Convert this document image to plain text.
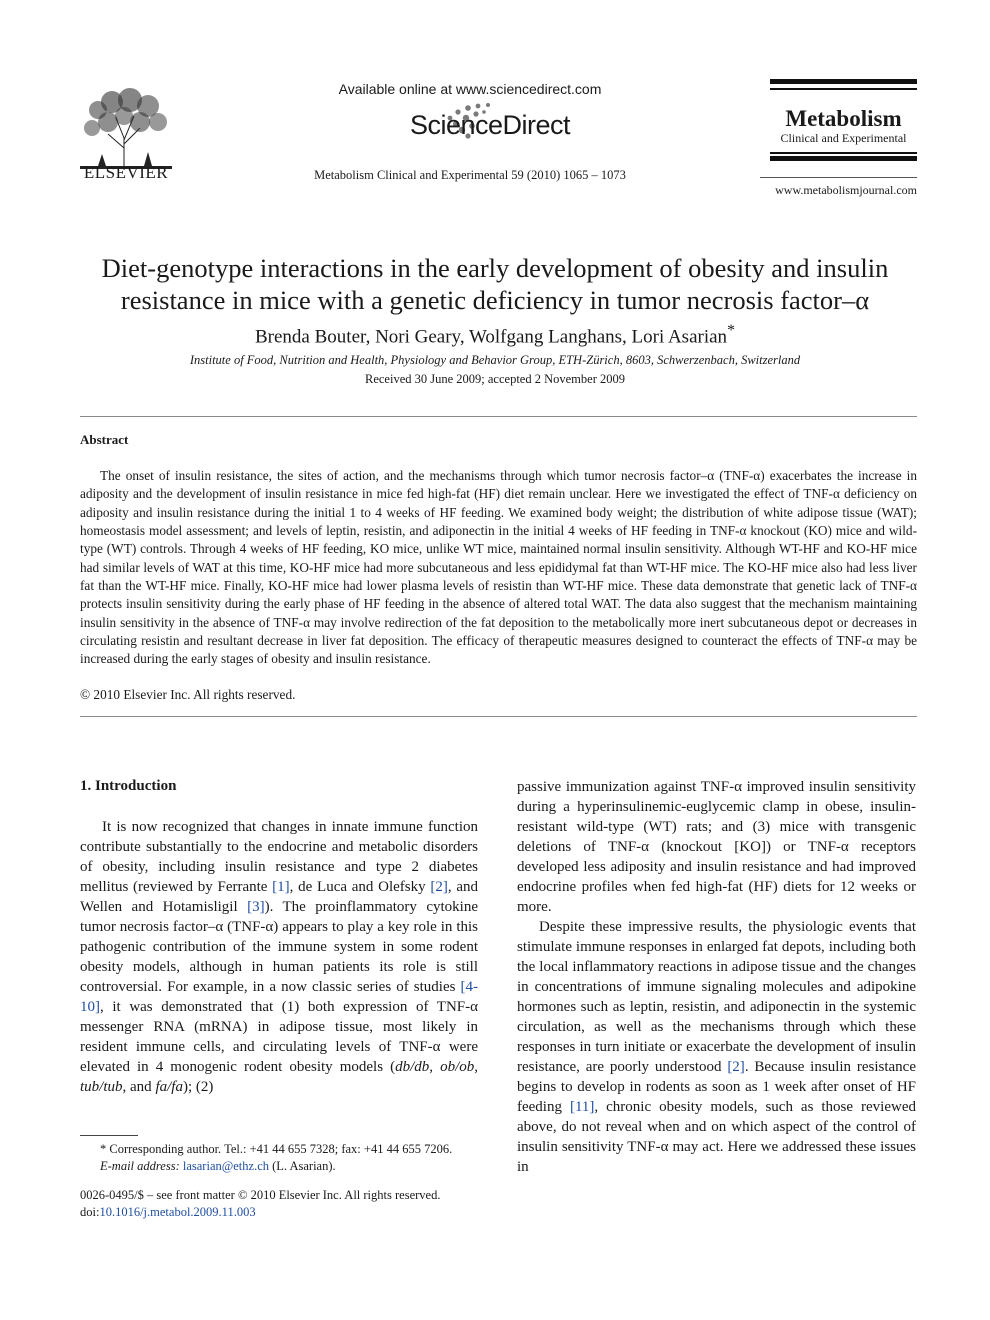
ELSEVIER
Available online at www.sciencedirect.com
ScienceDirect
Metabolism Clinical and Experimental 59 (2010) 1065 – 1073
Metabolism
Clinical and Experimental
www.metabolismjournal.com
Diet-genotype interactions in the early development of obesity and insulin resistance in mice with a genetic deficiency in tumor necrosis factor–α
Brenda Bouter, Nori Geary, Wolfgang Langhans, Lori Asarian*
Institute of Food, Nutrition and Health, Physiology and Behavior Group, ETH-Zürich, 8603, Schwerzenbach, Switzerland
Received 30 June 2009; accepted 2 November 2009
Abstract
The onset of insulin resistance, the sites of action, and the mechanisms through which tumor necrosis factor–α (TNF-α) exacerbates the increase in adiposity and the development of insulin resistance in mice fed high-fat (HF) diet remain unclear. Here we investigated the effect of TNF-α deficiency on adiposity and insulin resistance during the initial 1 to 4 weeks of HF feeding. We examined body weight; the distribution of white adipose tissue (WAT); homeostasis model assessment; and levels of leptin, resistin, and adiponectin in the initial 4 weeks of HF feeding in TNF-α knockout (KO) mice and wild-type (WT) controls. Through 4 weeks of HF feeding, KO mice, unlike WT mice, maintained normal insulin sensitivity. Although WT-HF and KO-HF mice had similar levels of WAT at this time, KO-HF mice had more subcutaneous and less epididymal fat than WT-HF mice. The KO-HF mice also had less liver fat than the WT-HF mice. Finally, KO-HF mice had lower plasma levels of resistin than WT-HF mice. These data demonstrate that genetic lack of TNF-α protects insulin sensitivity during the early phase of HF feeding in the absence of altered total WAT. The data also suggest that the mechanism maintaining insulin sensitivity in the absence of TNF-α may involve redirection of the fat deposition to the metabolically more inert subcutaneous depot or decreases in circulating resistin and resultant decrease in liver fat deposition. The efficacy of therapeutic measures designed to counteract the effects of TNF-α may be increased during the early stages of obesity and insulin resistance.
© 2010 Elsevier Inc. All rights reserved.
1. Introduction

It is now recognized that changes in innate immune function contribute substantially to the endocrine and metabolic disorders of obesity, including insulin resistance and type 2 diabetes mellitus (reviewed by Ferrante [1], de Luca and Olefsky [2], and Wellen and Hotamisligil [3]). The proinflammatory cytokine tumor necrosis factor–α (TNF-α) appears to play a key role in this pathogenic contribution of the immune system in some rodent obesity models, although in human patients its role is still controversial. For example, in a now classic series of studies [4-10], it was demonstrated that (1) both expression of TNF-α messenger RNA (mRNA) in adipose tissue, most likely in resident immune cells, and circulating levels of TNF-α were elevated in 4 monogenic rodent obesity models (db/db, ob/ob, tub/tub, and fa/fa); (2)

passive immunization against TNF-α improved insulin sensitivity during a hyperinsulinemic-euglycemic clamp in obese, insulin-resistant wild-type (WT) rats; and (3) mice with transgenic deletions of TNF-α (knockout [KO]) or TNF-α receptors developed less adiposity and insulin resistance and had improved endocrine profiles when fed high-fat (HF) diets for 12 weeks or more.

Despite these impressive results, the physiologic events that stimulate immune responses in enlarged fat depots, including both the local inflammatory reactions in adipose tissue and the changes in concentrations of immune signaling molecules and adipokine hormones such as leptin, resistin, and adiponectin in the systemic circulation, as well as the mechanisms through which these responses in turn initiate or exacerbate the development of insulin resistance, are poorly understood [2]. Because insulin resistance begins to develop in rodents as soon as 1 week after onset of HF feeding [11], chronic obesity models, such as those reviewed above, do not reveal when and on which aspect of the control of insulin sensitivity TNF-α may act. Here we addressed these issues in

* Corresponding author. Tel.: +41 44 655 7328; fax: +41 44 655 7206.
E-mail address: lasarian@ethz.ch (L. Asarian).
0026-0495/$ – see front matter © 2010 Elsevier Inc. All rights reserved.
doi:10.1016/j.metabol.2009.11.003
